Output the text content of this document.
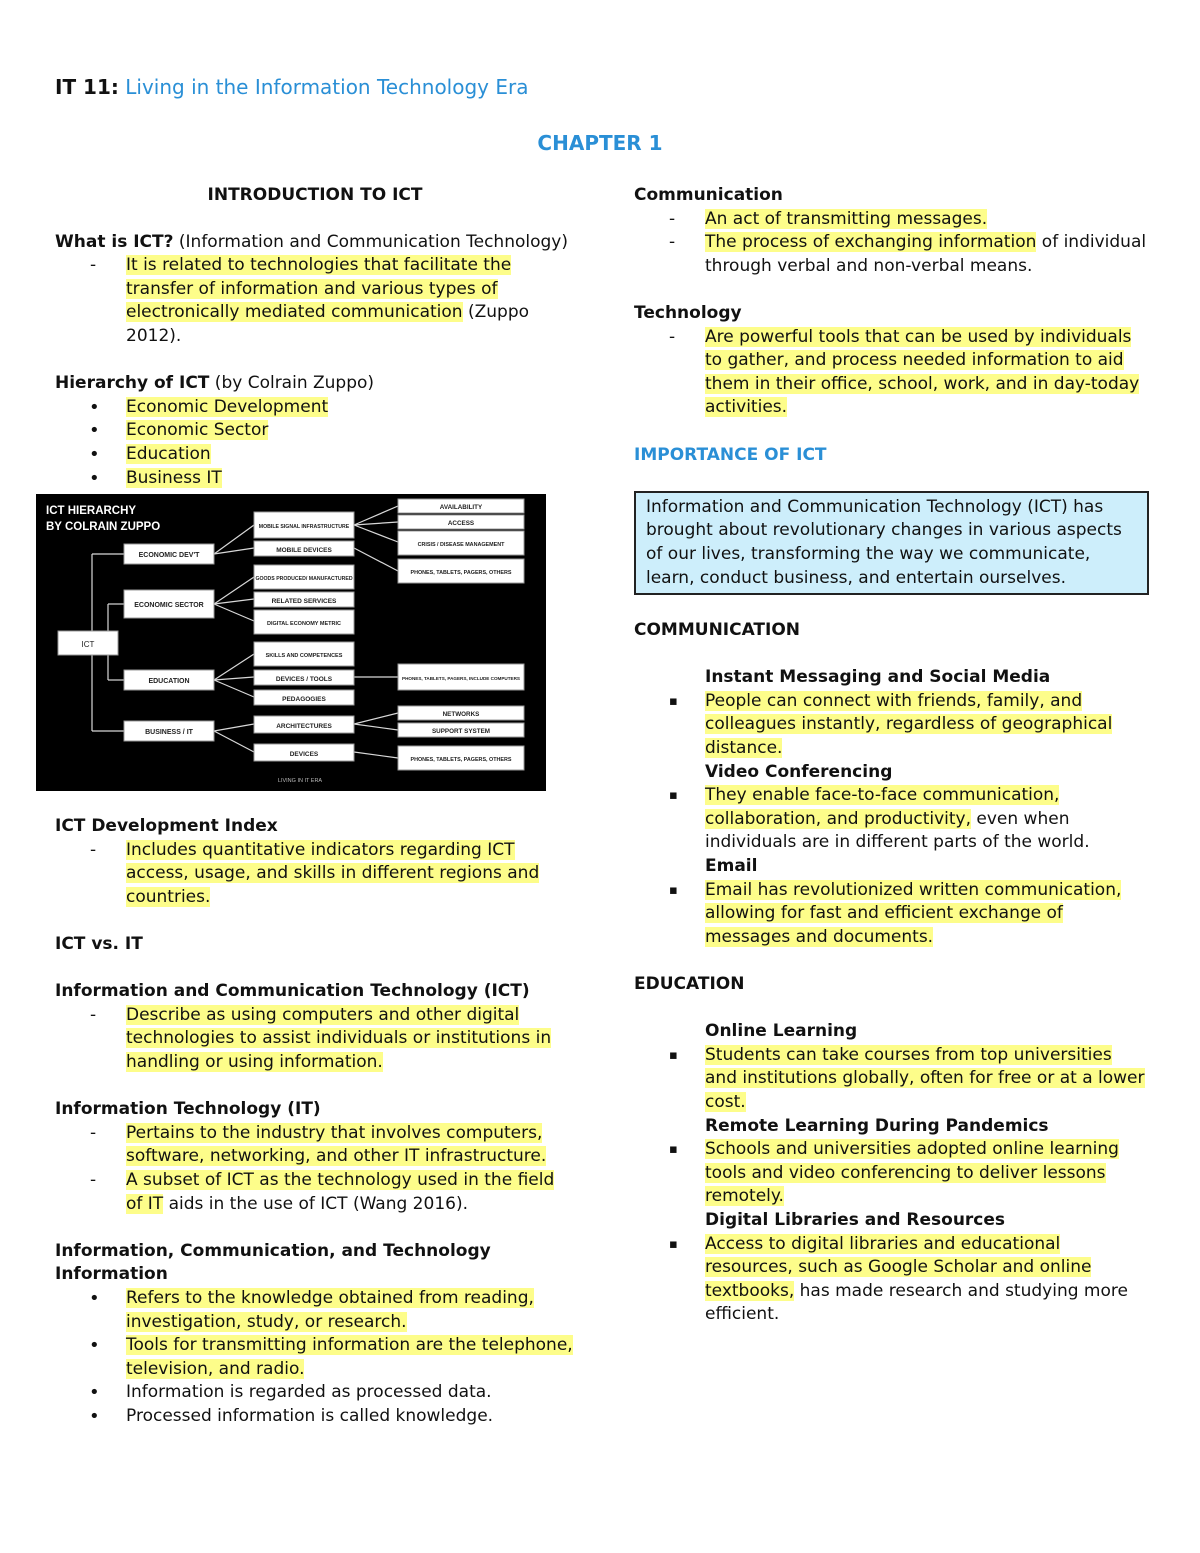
IT 11: Living in the Information Technology Era
CHAPTER 1
INTRODUCTION TO ICT
What is ICT? (Information and Communication Technology)
- It is related to technologies that facilitate the transfer of information and various types of electronically mediated communication (Zuppo 2012).
Hierarchy of ICT (by Colrain Zuppo)
• Economic Development
• Economic Sector
• Education
• Business IT
ICT HIERARCHY
BY COLRAIN ZUPPO
ICT
ECONOMIC DEV'T
ECONOMIC SECTOR
EDUCATION
BUSINESS / IT
MOBILE SIGNAL INFRASTRUCTURE
MOBILE DEVICES
GOODS PRODUCED/ MANUFACTURED
RELATED SERVICES
DIGITAL ECONOMY METRIC
SKILLS AND COMPETENCES
DEVICES / TOOLS
PEDAGOGIES
ARCHITECTURES
DEVICES
AVAILABILITY
ACCESS
CRISIS / DISEASE MANAGEMENT
PHONES, TABLETS, PAGERS, OTHERS
PHONES, TABLETS, PAGERS, INCLUDE COMPUTERS
NETWORKS
SUPPORT SYSTEM
PHONES, TABLETS, PAGERS, OTHERS
LIVING IN IT ERA
ICT Development Index
- Includes quantitative indicators regarding ICT access, usage, and skills in different regions and countries.
ICT vs. IT
Information and Communication Technology (ICT)
- Describe as using computers and other digital technologies to assist individuals or institutions in handling or using information.
Information Technology (IT)
- Pertains to the industry that involves computers, software, networking, and other IT infrastructure.
- A subset of ICT as the technology used in the field of IT aids in the use of ICT (Wang 2016).
Information, Communication, and Technology Information
• Refers to the knowledge obtained from reading, investigation, study, or research.
• Tools for transmitting information are the telephone, television, and radio.
• Information is regarded as processed data.
• Processed information is called knowledge.
Communication
- An act of transmitting messages.
- The process of exchanging information of individual through verbal and non-verbal means.
Technology
- Are powerful tools that can be used by individuals to gather, and process needed information to aid them in their office, school, work, and in day-today activities.
IMPORTANCE OF ICT
Information and Communication Technology (ICT) has brought about revolutionary changes in various aspects of our lives, transforming the way we communicate, learn, conduct business, and entertain ourselves.
COMMUNICATION
Instant Messaging and Social Media
▪ People can connect with friends, family, and colleagues instantly, regardless of geographical distance.
Video Conferencing
▪ They enable face-to-face communication, collaboration, and productivity, even when individuals are in different parts of the world.
Email
▪ Email has revolutionized written communication, allowing for fast and efficient exchange of messages and documents.
EDUCATION
Online Learning
▪ Students can take courses from top universities and institutions globally, often for free or at a lower cost.
Remote Learning During Pandemics
▪ Schools and universities adopted online learning tools and video conferencing to deliver lessons remotely.
Digital Libraries and Resources
▪ Access to digital libraries and educational resources, such as Google Scholar and online textbooks, has made research and studying more efficient.
